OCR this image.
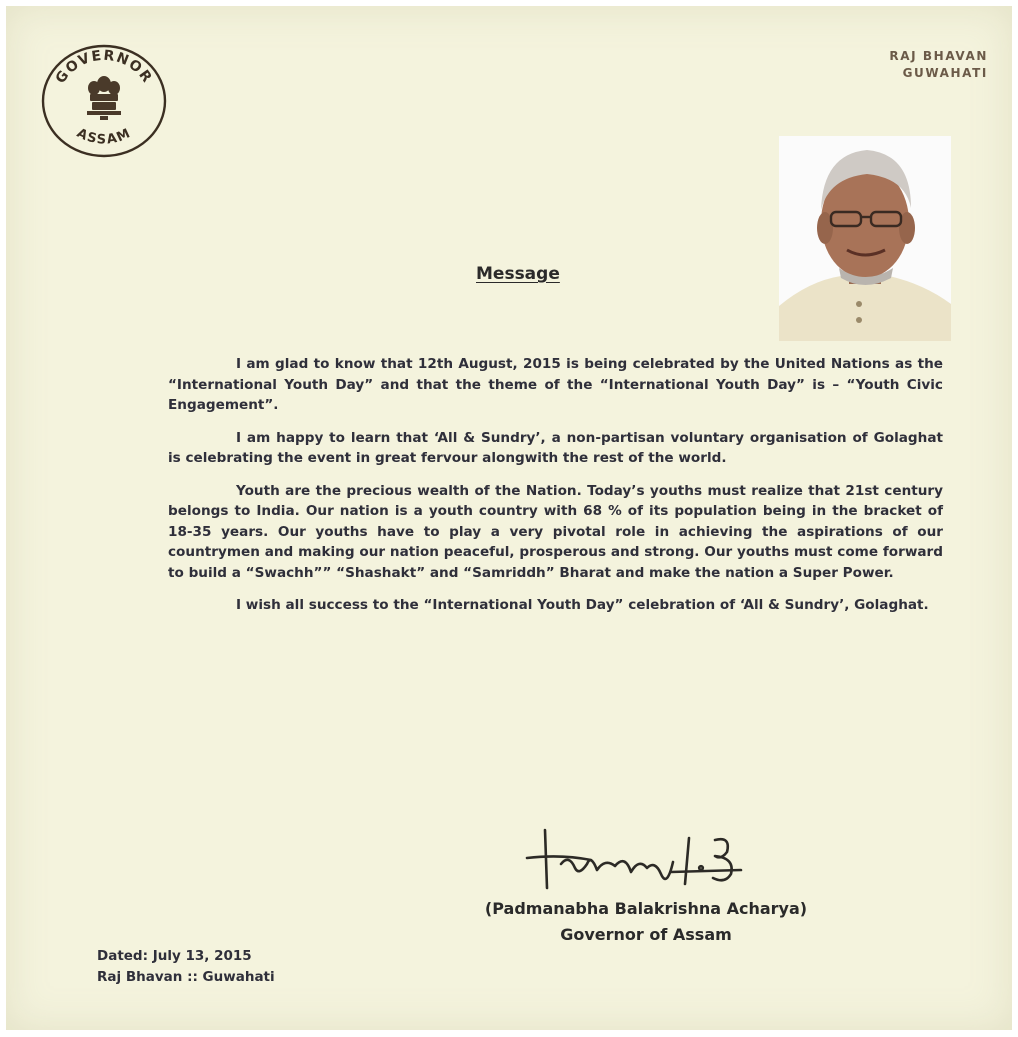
GOVERNOR
ASSAM
RAJ BHAVAN
GUWAHATI
Message

I am glad to know that 12th August, 2015 is being celebrated by the United Nations as the “International Youth Day” and that the theme of the “International Youth Day” is – “Youth Civic Engagement”.

I am happy to learn that ‘All & Sundry’, a non-partisan voluntary organisation of Golaghat is celebrating the event in great fervour alongwith the rest of the world.

Youth are the precious wealth of the Nation. Today’s youths must realize that 21st century belongs to India. Our nation is a youth country with 68 % of its population being in the bracket of 18-35 years. Our youths have to play a very pivotal role in achieving the aspirations of our countrymen and making our nation peaceful, prosperous and strong. Our youths must come forward to build a “Swachh”” “Shashakt” and “Samriddh” Bharat and make the nation a Super Power.

I wish all success to the “International Youth Day” celebration of ‘All & Sundry’, Golaghat.

(Padmanabha Balakrishna Acharya)
Governor of Assam
Dated: July 13, 2015
Raj Bhavan :: Guwahati
